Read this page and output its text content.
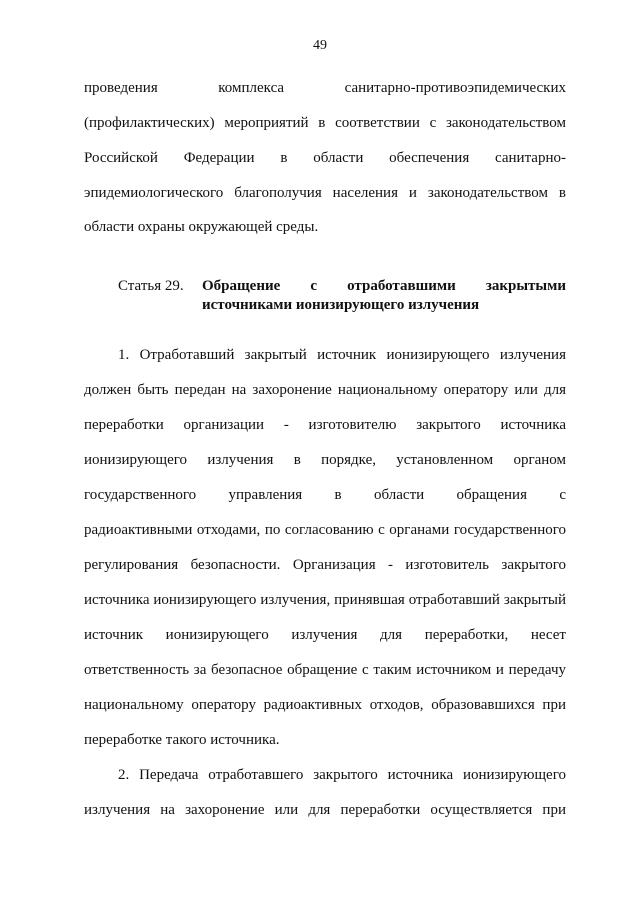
49
проведения комплекса санитарно-противоэпидемических
(профилактических) мероприятий в соответствии с законодательством
Российской Федерации в области обеспечения санитарно-
эпидемиологического благополучия населения и законодательством в
области охраны окружающей среды.
Статья 29. Обращение с отработавшими закрытыми
источниками ионизирующего излучения
1. Отработавший закрытый источник ионизирующего излучения
должен быть передан на захоронение национальному оператору или для
переработки организации - изготовителю закрытого источника
ионизирующего излучения в порядке, установленном органом
государственного управления в области обращения с
радиоактивными отходами, по согласованию с органами государственного
регулирования безопасности. Организация - изготовитель закрытого
источника ионизирующего излучения, принявшая отработавший закрытый
источник ионизирующего излучения для переработки, несет
ответственность за безопасное обращение с таким источником и передачу
национальному оператору радиоактивных отходов, образовавшихся при
переработке такого источника.
2. Передача отработавшего закрытого источника ионизирующего
излучения на захоронение или для переработки осуществляется при
